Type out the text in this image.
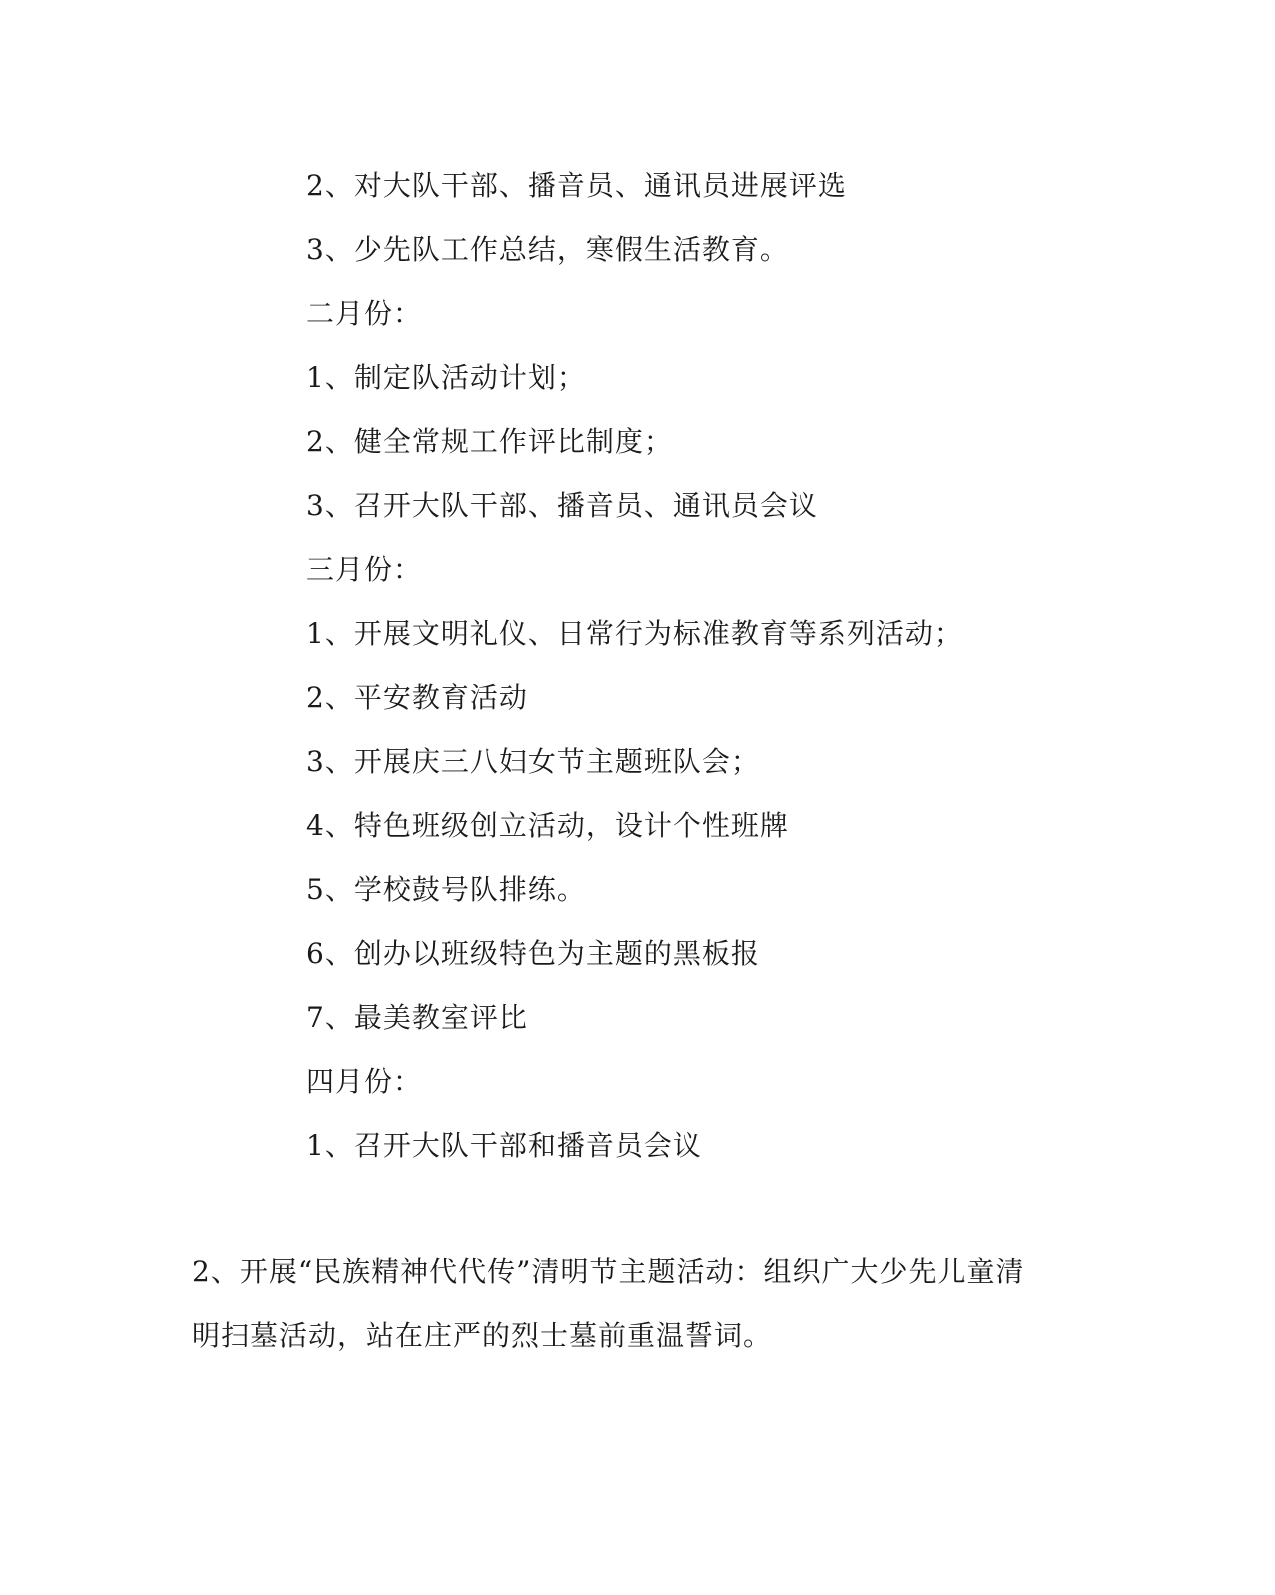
2、对大队干部、播音员、通讯员进展评选
3、少先队工作总结，寒假生活教育。
二月份：
1、制定队活动计划；
2、健全常规工作评比制度；
3、召开大队干部、播音员、通讯员会议
三月份：
1、开展文明礼仪、日常行为标准教育等系列活动；
2、平安教育活动
3、开展庆三八妇女节主题班队会；
4、特色班级创立活动，设计个性班牌
5、学校鼓号队排练。
6、创办以班级特色为主题的黑板报
7、最美教室评比
四月份：
1、召开大队干部和播音员会议
2、开展“民族精神代代传”清明节主题活动：组织广大少先儿童清明扫墓活动，站在庄严的烈士墓前重温誓词。
